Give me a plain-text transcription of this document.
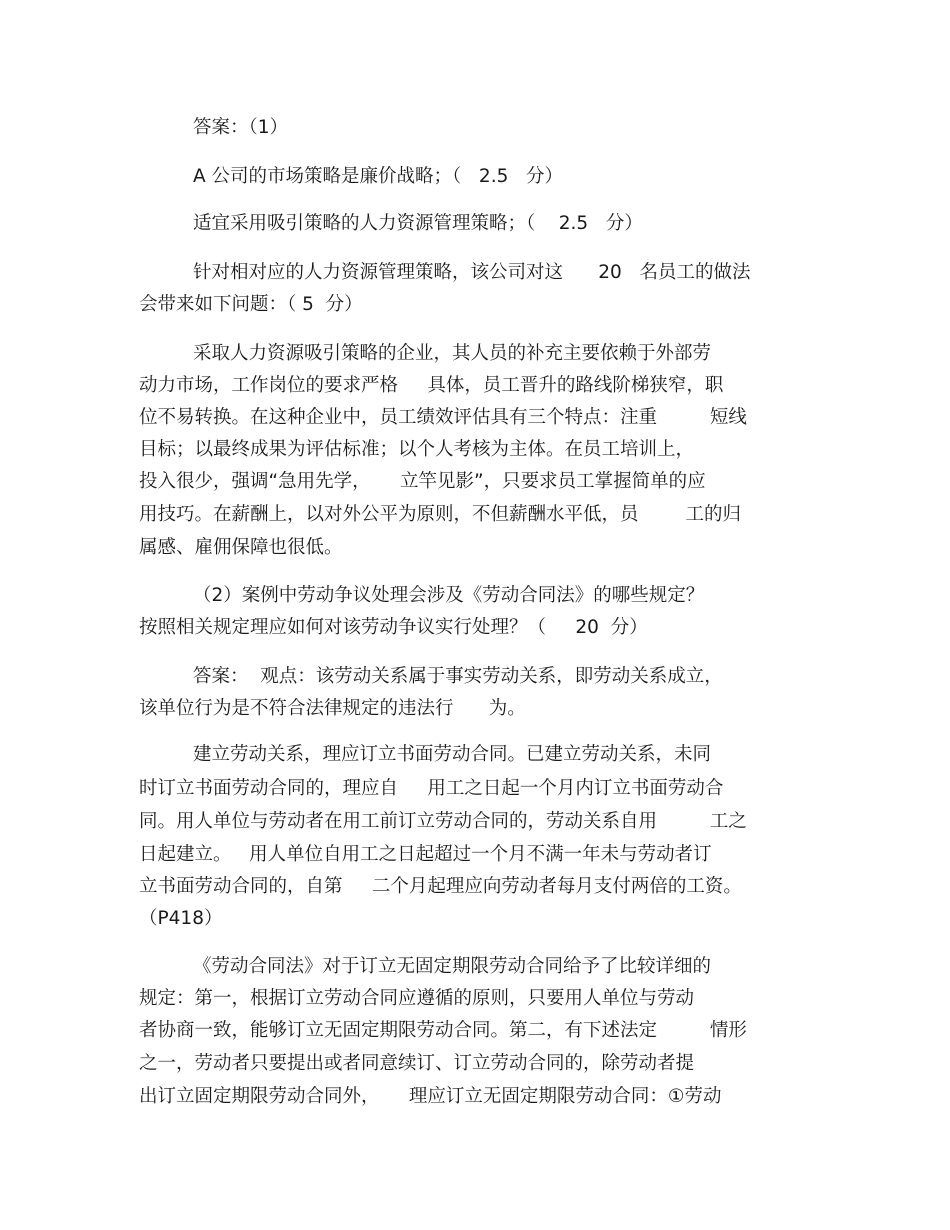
答案：（1）
A 公司的市场策略是廉价战略；（   2.5   分）
适宜采用吸引策略的人力资源管理策略；（    2.5   分）
针对相对应的人力资源管理策略，该公司对这      20   名员工的做法
会带来如下问题：（ 5  分）
采取人力资源吸引策略的企业，其人员的补充主要依赖于外部劳
动力市场，工作岗位的要求严格     具体，员工晋升的路线阶梯狭窄，职
位不易转换。在这种企业中，员工绩效评估具有三个特点：注重         短线
目标；以最终成果为评估标准；以个人考核为主体。在员工培训上，
投入很少，强调“急用先学，     立竿见影”，只要求员工掌握简单的应
用技巧。在薪酬上，以对外公平为原则，不但薪酬水平低，员        工的归
属感、雇佣保障也很低。
（2）案例中劳动争议处理会涉及《劳动合同法》的哪些规定？
按照相关规定理应如何对该劳动争议实行处理？（     20  分）
答案：  观点：该劳动关系属于事实劳动关系，即劳动关系成立，
该单位行为是不符合法律规定的违法行      为。
建立劳动关系，理应订立书面劳动合同。已建立劳动关系，未同
时订立书面劳动合同的，理应自     用工之日起一个月内订立书面劳动合
同。用人单位与劳动者在用工前订立劳动合同的，劳动关系自用         工之
日起建立。   用人单位自用工之日起超过一个月不满一年未与劳动者订
立书面劳动合同的，自第     二个月起理应向劳动者每月支付两倍的工资。
（P418）
《劳动合同法》对于订立无固定期限劳动合同给予了比较详细的
规定：第一，根据订立劳动合同应遵循的原则，只要用人单位与劳动
者协商一致，能够订立无固定期限劳动合同。第二，有下述法定         情形
之一，劳动者只要提出或者同意续订、订立劳动合同的，除劳动者提
出订立固定期限劳动合同外，     理应订立无固定期限劳动合同：①劳动
